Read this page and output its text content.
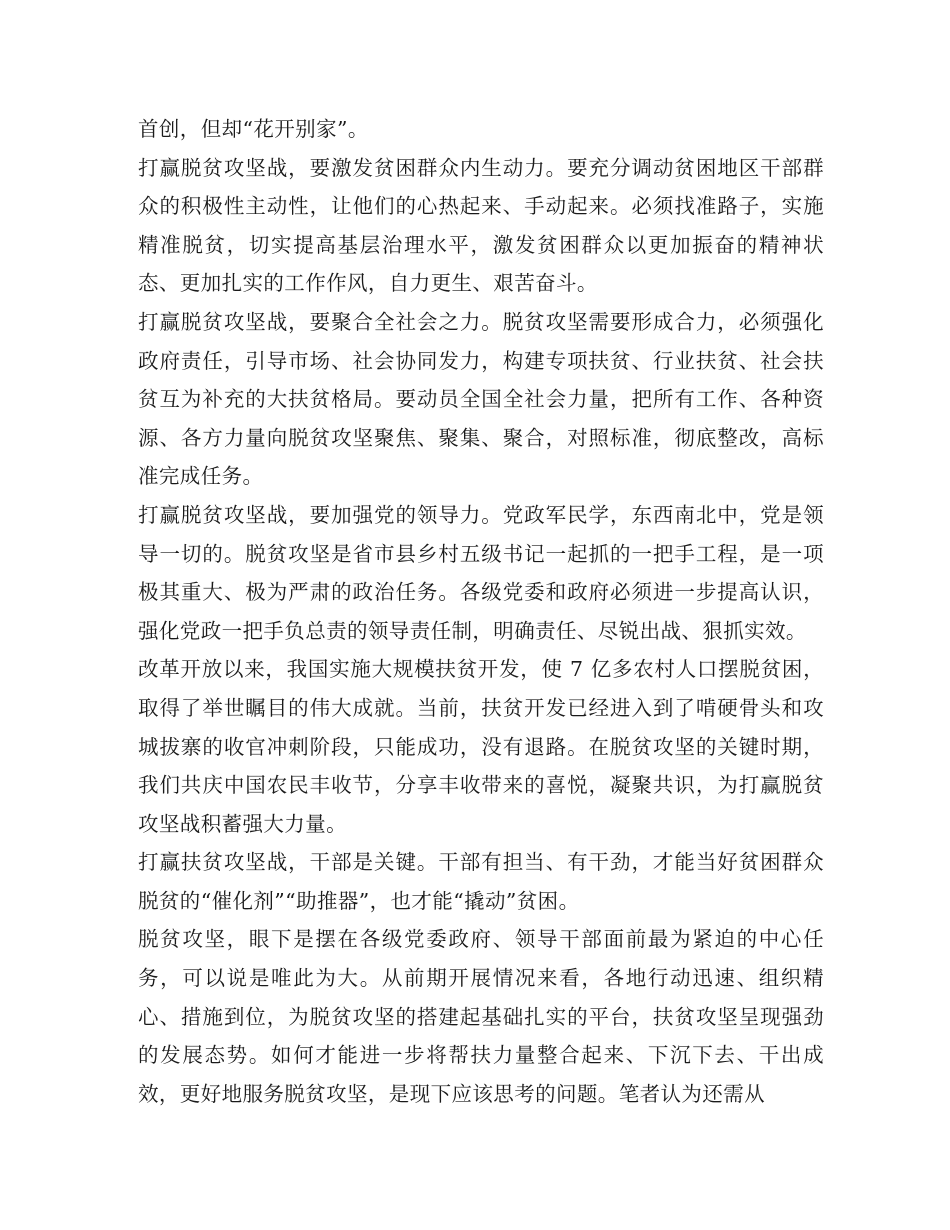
首创，但却“花开别家”。

打赢脱贫攻坚战，要激发贫困群众内生动力。要充分调动贫困地区干部群众的积极性主动性，让他们的心热起来、手动起来。必须找准路子，实施精准脱贫，切实提高基层治理水平，激发贫困群众以更加振奋的精神状态、更加扎实的工作作风，自力更生、艰苦奋斗。

打赢脱贫攻坚战，要聚合全社会之力。脱贫攻坚需要形成合力，必须强化政府责任，引导市场、社会协同发力，构建专项扶贫、行业扶贫、社会扶贫互为补充的大扶贫格局。要动员全国全社会力量，把所有工作、各种资源、各方力量向脱贫攻坚聚焦、聚集、聚合，对照标准，彻底整改，高标准完成任务。

打赢脱贫攻坚战，要加强党的领导力。党政军民学，东西南北中，党是领导一切的。脱贫攻坚是省市县乡村五级书记一起抓的一把手工程，是一项极其重大、极为严肃的政治任务。各级党委和政府必须进一步提高认识，强化党政一把手负总责的领导责任制，明确责任、尽锐出战、狠抓实效。

改革开放以来，我国实施大规模扶贫开发，使 7 亿多农村人口摆脱贫困，取得了举世瞩目的伟大成就。当前，扶贫开发已经进入到了啃硬骨头和攻城拔寨的收官冲刺阶段，只能成功，没有退路。在脱贫攻坚的关键时期，我们共庆中国农民丰收节，分享丰收带来的喜悦，凝聚共识，为打赢脱贫攻坚战积蓄强大力量。

打赢扶贫攻坚战，干部是关键。干部有担当、有干劲，才能当好贫困群众脱贫的“催化剂”“助推器”，也才能“撬动”贫困。

脱贫攻坚，眼下是摆在各级党委政府、领导干部面前最为紧迫的中心任务，可以说是唯此为大。从前期开展情况来看，各地行动迅速、组织精心、措施到位，为脱贫攻坚的搭建起基础扎实的平台，扶贫攻坚呈现强劲的发展态势。如何才能进一步将帮扶力量整合起来、下沉下去、干出成效，更好地服务脱贫攻坚，是现下应该思考的问题。笔者认为还需从
